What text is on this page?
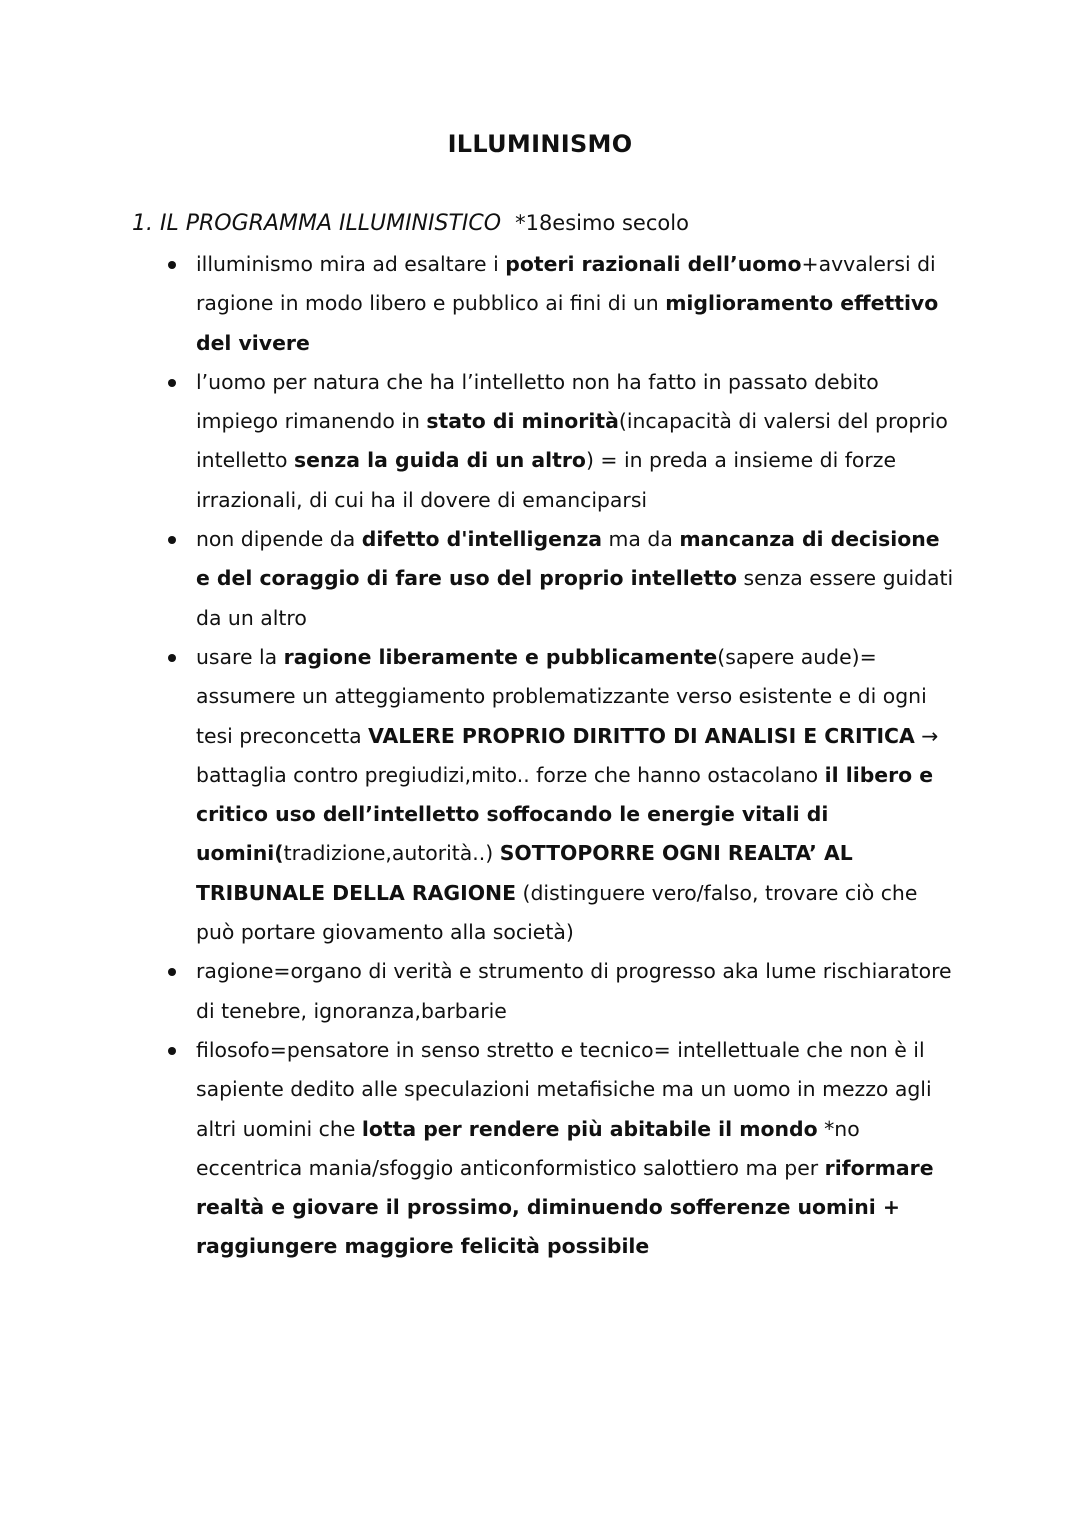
ILLUMINISMO
1. IL PROGRAMMA ILLUMINISTICO *18esimo secolo
illuminismo mira ad esaltare i poteri razionali dell’uomo+avvalersi di ragione in modo libero e pubblico ai fini di un miglioramento effettivo del vivere
l’uomo per natura che ha l’intelletto non ha fatto in passato debito impiego rimanendo in stato di minorità(incapacità di valersi del proprio intelletto senza la guida di un altro) = in preda a insieme di forze irrazionali, di cui ha il dovere di emanciparsi
non dipende da difetto d'intelligenza ma da mancanza di decisione e del coraggio di fare uso del proprio intelletto senza essere guidati da un altro
usare la ragione liberamente e pubblicamente(sapere aude)= assumere un atteggiamento problematizzante verso esistente e di ogni tesi preconcetta VALERE PROPRIO DIRITTO DI ANALISI E CRITICA → battaglia contro pregiudizi,mito.. forze che hanno ostacolano il libero e critico uso dell’intelletto soffocando le energie vitali di uomini(tradizione,autorità..) SOTTOPORRE OGNI REALTA’ AL TRIBUNALE DELLA RAGIONE (distinguere vero/falso, trovare ciò che può portare giovamento alla società)
ragione=organo di verità e strumento di progresso aka lume rischiaratore di tenebre, ignoranza,barbarie
filosofo=pensatore in senso stretto e tecnico= intellettuale che non è il sapiente dedito alle speculazioni metafisiche ma un uomo in mezzo agli altri uomini che lotta per rendere più abitabile il mondo *no eccentrica mania/sfoggio anticonformistico salottiero ma per riformare realtà e giovare il prossimo, diminuendo sofferenze uomini + raggiungere maggiore felicità possibile
